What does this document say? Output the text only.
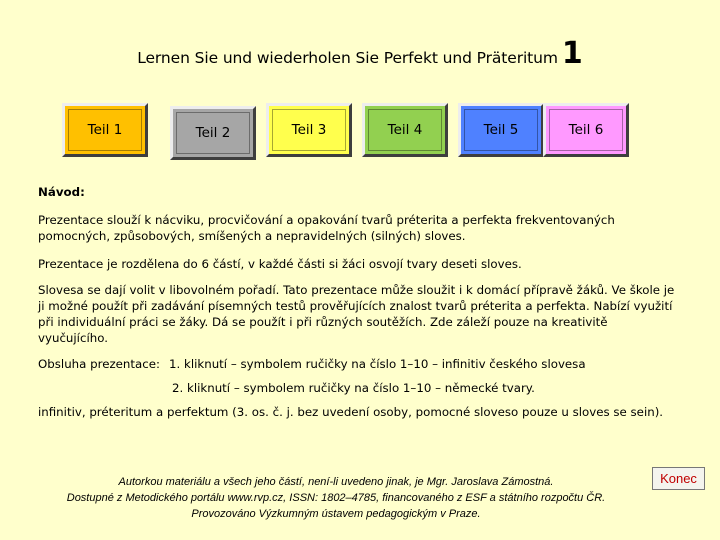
Lernen Sie und wiederholen Sie Perfekt und Präteritum 1
Teil 1	Teil 2	Teil 3	Teil 4	Teil 5	Teil 6

Návod:

Prezentace slouží k nácviku, procvičování a opakování tvarů préterita a perfekta frekventovaných pomocných, způsobových, smíšených a nepravidelných (silných) sloves.

Prezentace je rozdělena do 6 částí, v každé části si žáci osvojí tvary deseti sloves.

Slovesa se dají volit v libovolném pořadí. Tato prezentace může sloužit i k domácí přípravě žáků. Ve škole je ji možné použít při zadávání písemných testů prověřujících znalost tvarů préterita a perfekta. Nabízí využití při individuální práci se žáky. Dá se použít i při různých soutěžích. Zde záleží pouze na kreativitě vyučujícího.

Obsluha prezentace: 1. kliknutí – symbolem ručičky na číslo 1–10 – infinitiv českého slovesa

2. kliknutí – symbolem ručičky na číslo 1–10 – německé tvary.

infinitiv, préteritum a perfektum (3. os. č. j. bez uvedení osoby, pomocné sloveso pouze u sloves se sein).

Autorkou materiálu a všech jeho částí, není-li uvedeno jinak, je Mgr. Jaroslava Zámostná.
Dostupné z Metodického portálu www.rvp.cz, ISSN: 1802–4785, financovaného z ESF a státního rozpočtu ČR.
Provozováno Výzkumným ústavem pedagogickým v Praze.
Konec
